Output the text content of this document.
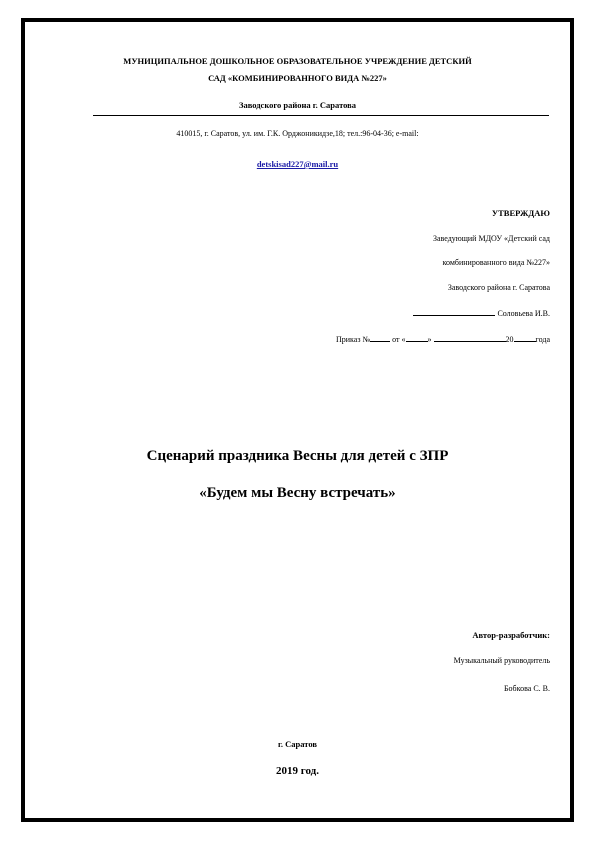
МУНИЦИПАЛЬНОЕ ДОШКОЛЬНОЕ ОБРАЗОВАТЕЛЬНОЕ УЧРЕЖДЕНИЕ ДЕТСКИЙ
САД «КОМБИНИРОВАННОГО ВИДА №227»
Заводского района г. Саратова
410015, г. Саратов, ул. им. Г.К. Орджоникидзе,18; тел.:96-04-36; e-mail:
detskisad227@mail.ru
УТВЕРЖДАЮ
Заведующий МДОУ «Детский сад
комбинированного вида №227»
Заводского района г. Саратова
Соловьева И.В.
Приказ №	от «	»	20	года
Сценарий праздника Весны для детей с ЗПР
«Будем мы Весну встречать»
Автор-разработчик:
Музыкальный руководитель
Бобкова С. В.
г. Саратов
2019 год.
